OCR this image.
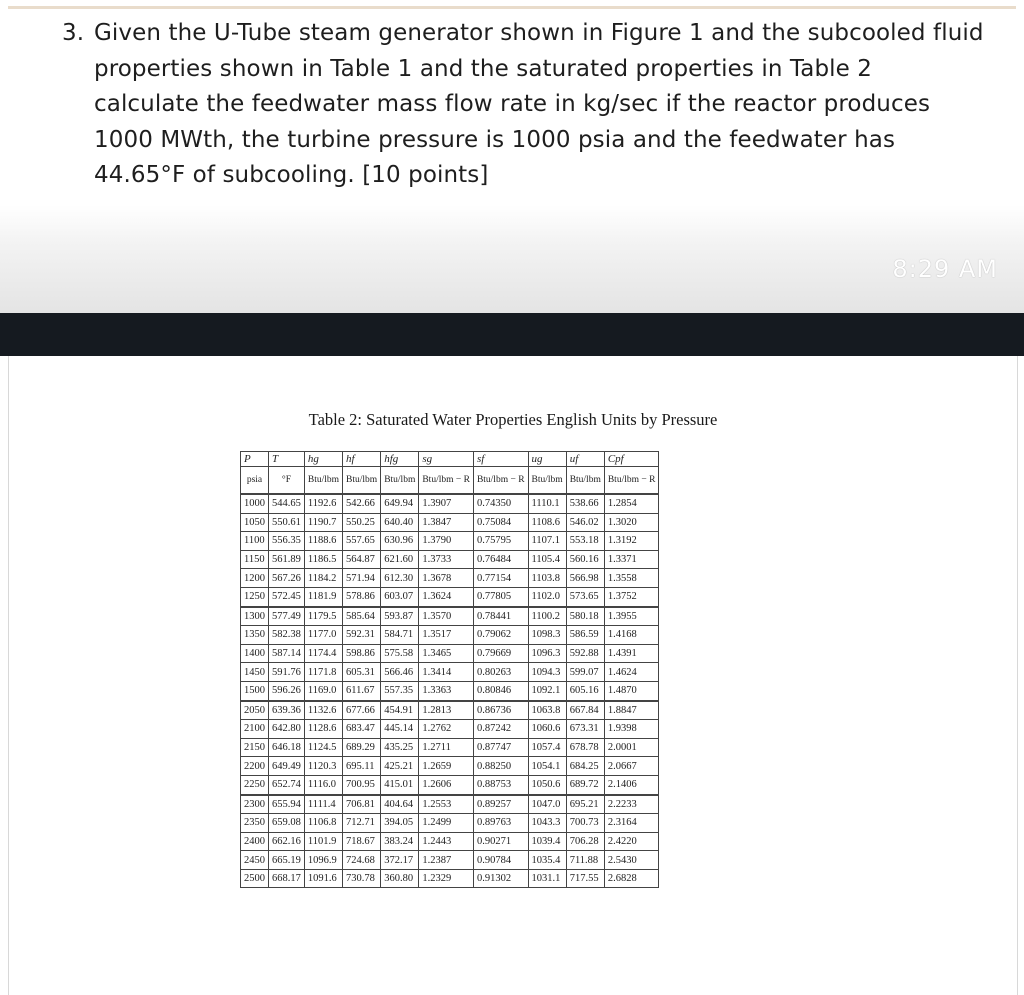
3. Given the U-Tube steam generator shown in Figure 1 and the subcooled fluid properties shown in Table 1 and the saturated properties in Table 2 calculate the feedwater mass flow rate in kg/sec if the reactor produces 1000 MWth, the turbine pressure is 1000 psia and the feedwater has 44.65°F of subcooling. [10 points]
8:29 AM
Table 2: Saturated Water Properties English Units by Pressure
P	T	hg	hf	hfg	sg	sf	ug	uf	Cpf
psia	°F	Btu/lbm	Btu/lbm	Btu/lbm	Btu/lbm − R	Btu/lbm − R	Btu/lbm	Btu/lbm	Btu/lbm − R
1000	544.65	1192.6	542.66	649.94	1.3907	0.74350	1110.1	538.66	1.2854
1050	550.61	1190.7	550.25	640.40	1.3847	0.75084	1108.6	546.02	1.3020
1100	556.35	1188.6	557.65	630.96	1.3790	0.75795	1107.1	553.18	1.3192
1150	561.89	1186.5	564.87	621.60	1.3733	0.76484	1105.4	560.16	1.3371
1200	567.26	1184.2	571.94	612.30	1.3678	0.77154	1103.8	566.98	1.3558
1250	572.45	1181.9	578.86	603.07	1.3624	0.77805	1102.0	573.65	1.3752
1300	577.49	1179.5	585.64	593.87	1.3570	0.78441	1100.2	580.18	1.3955
1350	582.38	1177.0	592.31	584.71	1.3517	0.79062	1098.3	586.59	1.4168
1400	587.14	1174.4	598.86	575.58	1.3465	0.79669	1096.3	592.88	1.4391
1450	591.76	1171.8	605.31	566.46	1.3414	0.80263	1094.3	599.07	1.4624
1500	596.26	1169.0	611.67	557.35	1.3363	0.80846	1092.1	605.16	1.4870
2050	639.36	1132.6	677.66	454.91	1.2813	0.86736	1063.8	667.84	1.8847
2100	642.80	1128.6	683.47	445.14	1.2762	0.87242	1060.6	673.31	1.9398
2150	646.18	1124.5	689.29	435.25	1.2711	0.87747	1057.4	678.78	2.0001
2200	649.49	1120.3	695.11	425.21	1.2659	0.88250	1054.1	684.25	2.0667
2250	652.74	1116.0	700.95	415.01	1.2606	0.88753	1050.6	689.72	2.1406
2300	655.94	1111.4	706.81	404.64	1.2553	0.89257	1047.0	695.21	2.2233
2350	659.08	1106.8	712.71	394.05	1.2499	0.89763	1043.3	700.73	2.3164
2400	662.16	1101.9	718.67	383.24	1.2443	0.90271	1039.4	706.28	2.4220
2450	665.19	1096.9	724.68	372.17	1.2387	0.90784	1035.4	711.88	2.5430
2500	668.17	1091.6	730.78	360.80	1.2329	0.91302	1031.1	717.55	2.6828
